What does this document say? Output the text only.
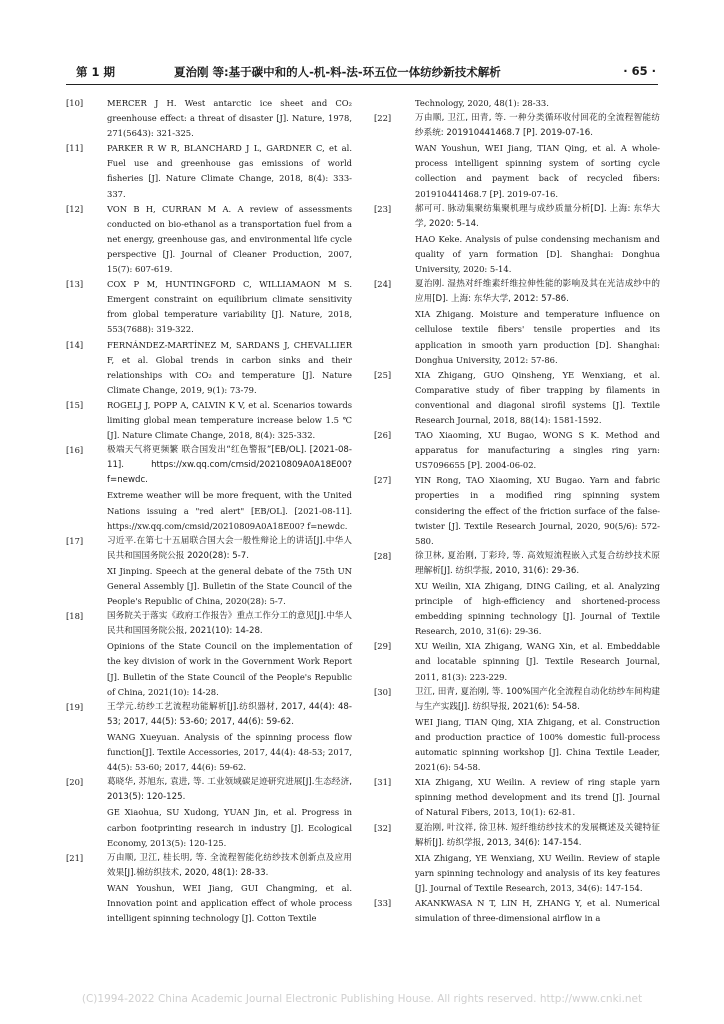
第 1 期	夏治刚 等:基于碳中和的人-机-料-法-环五位一体纺纱新技术解析	· 65 ·
[10]	MERCER J H. West antarctic ice sheet and CO₂ greenhouse effect: a threat of disaster [J]. Nature, 1978, 271(5643): 321-325.
[11]	PARKER R W R, BLANCHARD J L, GARDNER C, et al. Fuel use and greenhouse gas emissions of world fisheries [J]. Nature Climate Change, 2018, 8(4): 333-337.
[12]	VON B H, CURRAN M A. A review of assessments conducted on bio-ethanol as a transportation fuel from a net energy, greenhouse gas, and environmental life cycle perspective [J]. Journal of Cleaner Production, 2007, 15(7): 607-619.
[13]	COX P M, HUNTINGFORD C, WILLIAMAON M S. Emergent constraint on equilibrium climate sensitivity from global temperature variability [J]. Nature, 2018, 553(7688): 319-322.
[14]	FERNÁNDEZ-MARTÍNEZ M, SARDANS J, CHEVALLIER F, et al. Global trends in carbon sinks and their relationships with CO₂ and temperature [J]. Nature Climate Change, 2019, 9(1): 73-79.
[15]	ROGELJ J, POPP A, CALVIN K V, et al. Scenarios towards limiting global mean temperature increase below 1.5 ℃ [J]. Nature Climate Change, 2018, 8(4): 325-332.
[16]	极端天气将更频繁 联合国发出“红色警报”[EB/OL]. [2021-08-11]. https://xw.qq.com/cmsid/20210809A0A18E00? f=newdc.
Extreme weather will be more frequent, with the United Nations issuing a "red alert" [EB/OL]. [2021-08-11]. https://xw.qq.com/cmsid/20210809A0A18E00? f=newdc.
[17]	习近平.在第七十五届联合国大会一般性辩论上的讲话[J].中华人民共和国国务院公报 2020(28): 5-7.
XI Jinping. Speech at the general debate of the 75th UN General Assembly [J]. Bulletin of the State Council of the People's Republic of China, 2020(28): 5-7.
[18]	国务院关于落实《政府工作报告》重点工作分工的意见[J].中华人民共和国国务院公报, 2021(10): 14-28.
Opinions of the State Council on the implementation of the key division of work in the Government Work Report [J]. Bulletin of the State Council of the People's Republic of China, 2021(10): 14-28.
[19]	王学元.纺纱工艺流程功能解析[J].纺织器材, 2017, 44(4): 48-53; 2017, 44(5): 53-60; 2017, 44(6): 59-62.
WANG Xueyuan. Analysis of the spinning process flow function[J]. Textile Accessories, 2017, 44(4): 48-53; 2017, 44(5): 53-60; 2017, 44(6): 59-62.
[20]	葛晓华, 苏旭东, 袁进, 等. 工业领域碳足迹研究进展[J].生态经济, 2013(5): 120-125.
GE Xiaohua, SU Xudong, YUAN Jin, et al. Progress in carbon footprinting research in industry [J]. Ecological Economy, 2013(5): 120-125.
[21]	万由顺, 卫江, 桂长明, 等. 全流程智能化纺纱技术创新点及应用效果[J].棉纺织技术, 2020, 48(1): 28-33.
WAN Youshun, WEI Jiang, GUI Changming, et al. Innovation point and application effect of whole process intelligent spinning technology [J]. Cotton Textile
Technology, 2020, 48(1): 28-33.
[22]	万由顺, 卫江, 田青, 等. 一种分类循环收付回花的全流程智能纺纱系统: 201910441468.7 [P]. 2019-07-16.
WAN Youshun, WEI Jiang, TIAN Qing, et al. A whole-process intelligent spinning system of sorting cycle collection and payment back of recycled fibers: 201910441468.7 [P]. 2019-07-16.
[23]	郝可可. 脉动集聚纺集聚机理与成纱质量分析[D]. 上海: 东华大学, 2020: 5-14.
HAO Keke. Analysis of pulse condensing mechanism and quality of yarn formation [D]. Shanghai: Donghua University, 2020: 5-14.
[24]	夏治刚. 湿热对纤维素纤维拉伸性能的影响及其在光洁成纱中的应用[D]. 上海: 东华大学, 2012: 57-86.
XIA Zhigang. Moisture and temperature influence on cellulose textile fibers' tensile properties and its application in smooth yarn production [D]. Shanghai: Donghua University, 2012: 57-86.
[25]	XIA Zhigang, GUO Qinsheng, YE Wenxiang, et al. Comparative study of fiber trapping by filaments in conventional and diagonal sirofil systems [J]. Textile Research Journal, 2018, 88(14): 1581-1592.
[26]	TAO Xiaoming, XU Bugao, WONG S K. Method and apparatus for manufacturing a singles ring yarn: US7096655 [P]. 2004-06-02.
[27]	YIN Rong, TAO Xiaoming, XU Bugao. Yarn and fabric properties in a modified ring spinning system considering the effect of the friction surface of the false-twister [J]. Textile Research Journal, 2020, 90(5/6): 572-580.
[28]	徐卫林, 夏治刚, 丁彩玲, 等. 高效短流程嵌入式复合纺纱技术原理解析[J]. 纺织学报, 2010, 31(6): 29-36.
XU Weilin, XIA Zhigang, DING Cailing, et al. Analyzing principle of high-efficiency and shortened-process embedding spinning technology [J]. Journal of Textile Research, 2010, 31(6): 29-36.
[29]	XU Weilin, XIA Zhigang, WANG Xin, et al. Embeddable and locatable spinning [J]. Textile Research Journal, 2011, 81(3): 223-229.
[30]	卫江, 田青, 夏治刚, 等. 100%国产化全流程自动化纺纱车间构建与生产实践[J]. 纺织导报, 2021(6): 54-58.
WEI Jiang, TIAN Qing, XIA Zhigang, et al. Construction and production practice of 100% domestic full-process automatic spinning workshop [J]. China Textile Leader, 2021(6): 54-58.
[31]	XIA Zhigang, XU Weilin. A review of ring staple yarn spinning method development and its trend [J]. Journal of Natural Fibers, 2013, 10(1): 62-81.
[32]	夏治刚, 叶汶祥, 徐卫林. 短纤维纺纱技术的发展概述及关键特征解析[J]. 纺织学报, 2013, 34(6): 147-154.
XIA Zhigang, YE Wenxiang, XU Weilin. Review of staple yarn spinning technology and analysis of its key features [J]. Journal of Textile Research, 2013, 34(6): 147-154.
[33]	AKANKWASA N T, LIN H, ZHANG Y, et al. Numerical simulation of three-dimensional airflow in a
(C)1994-2022 China Academic Journal Electronic Publishing House. All rights reserved. http://www.cnki.net
